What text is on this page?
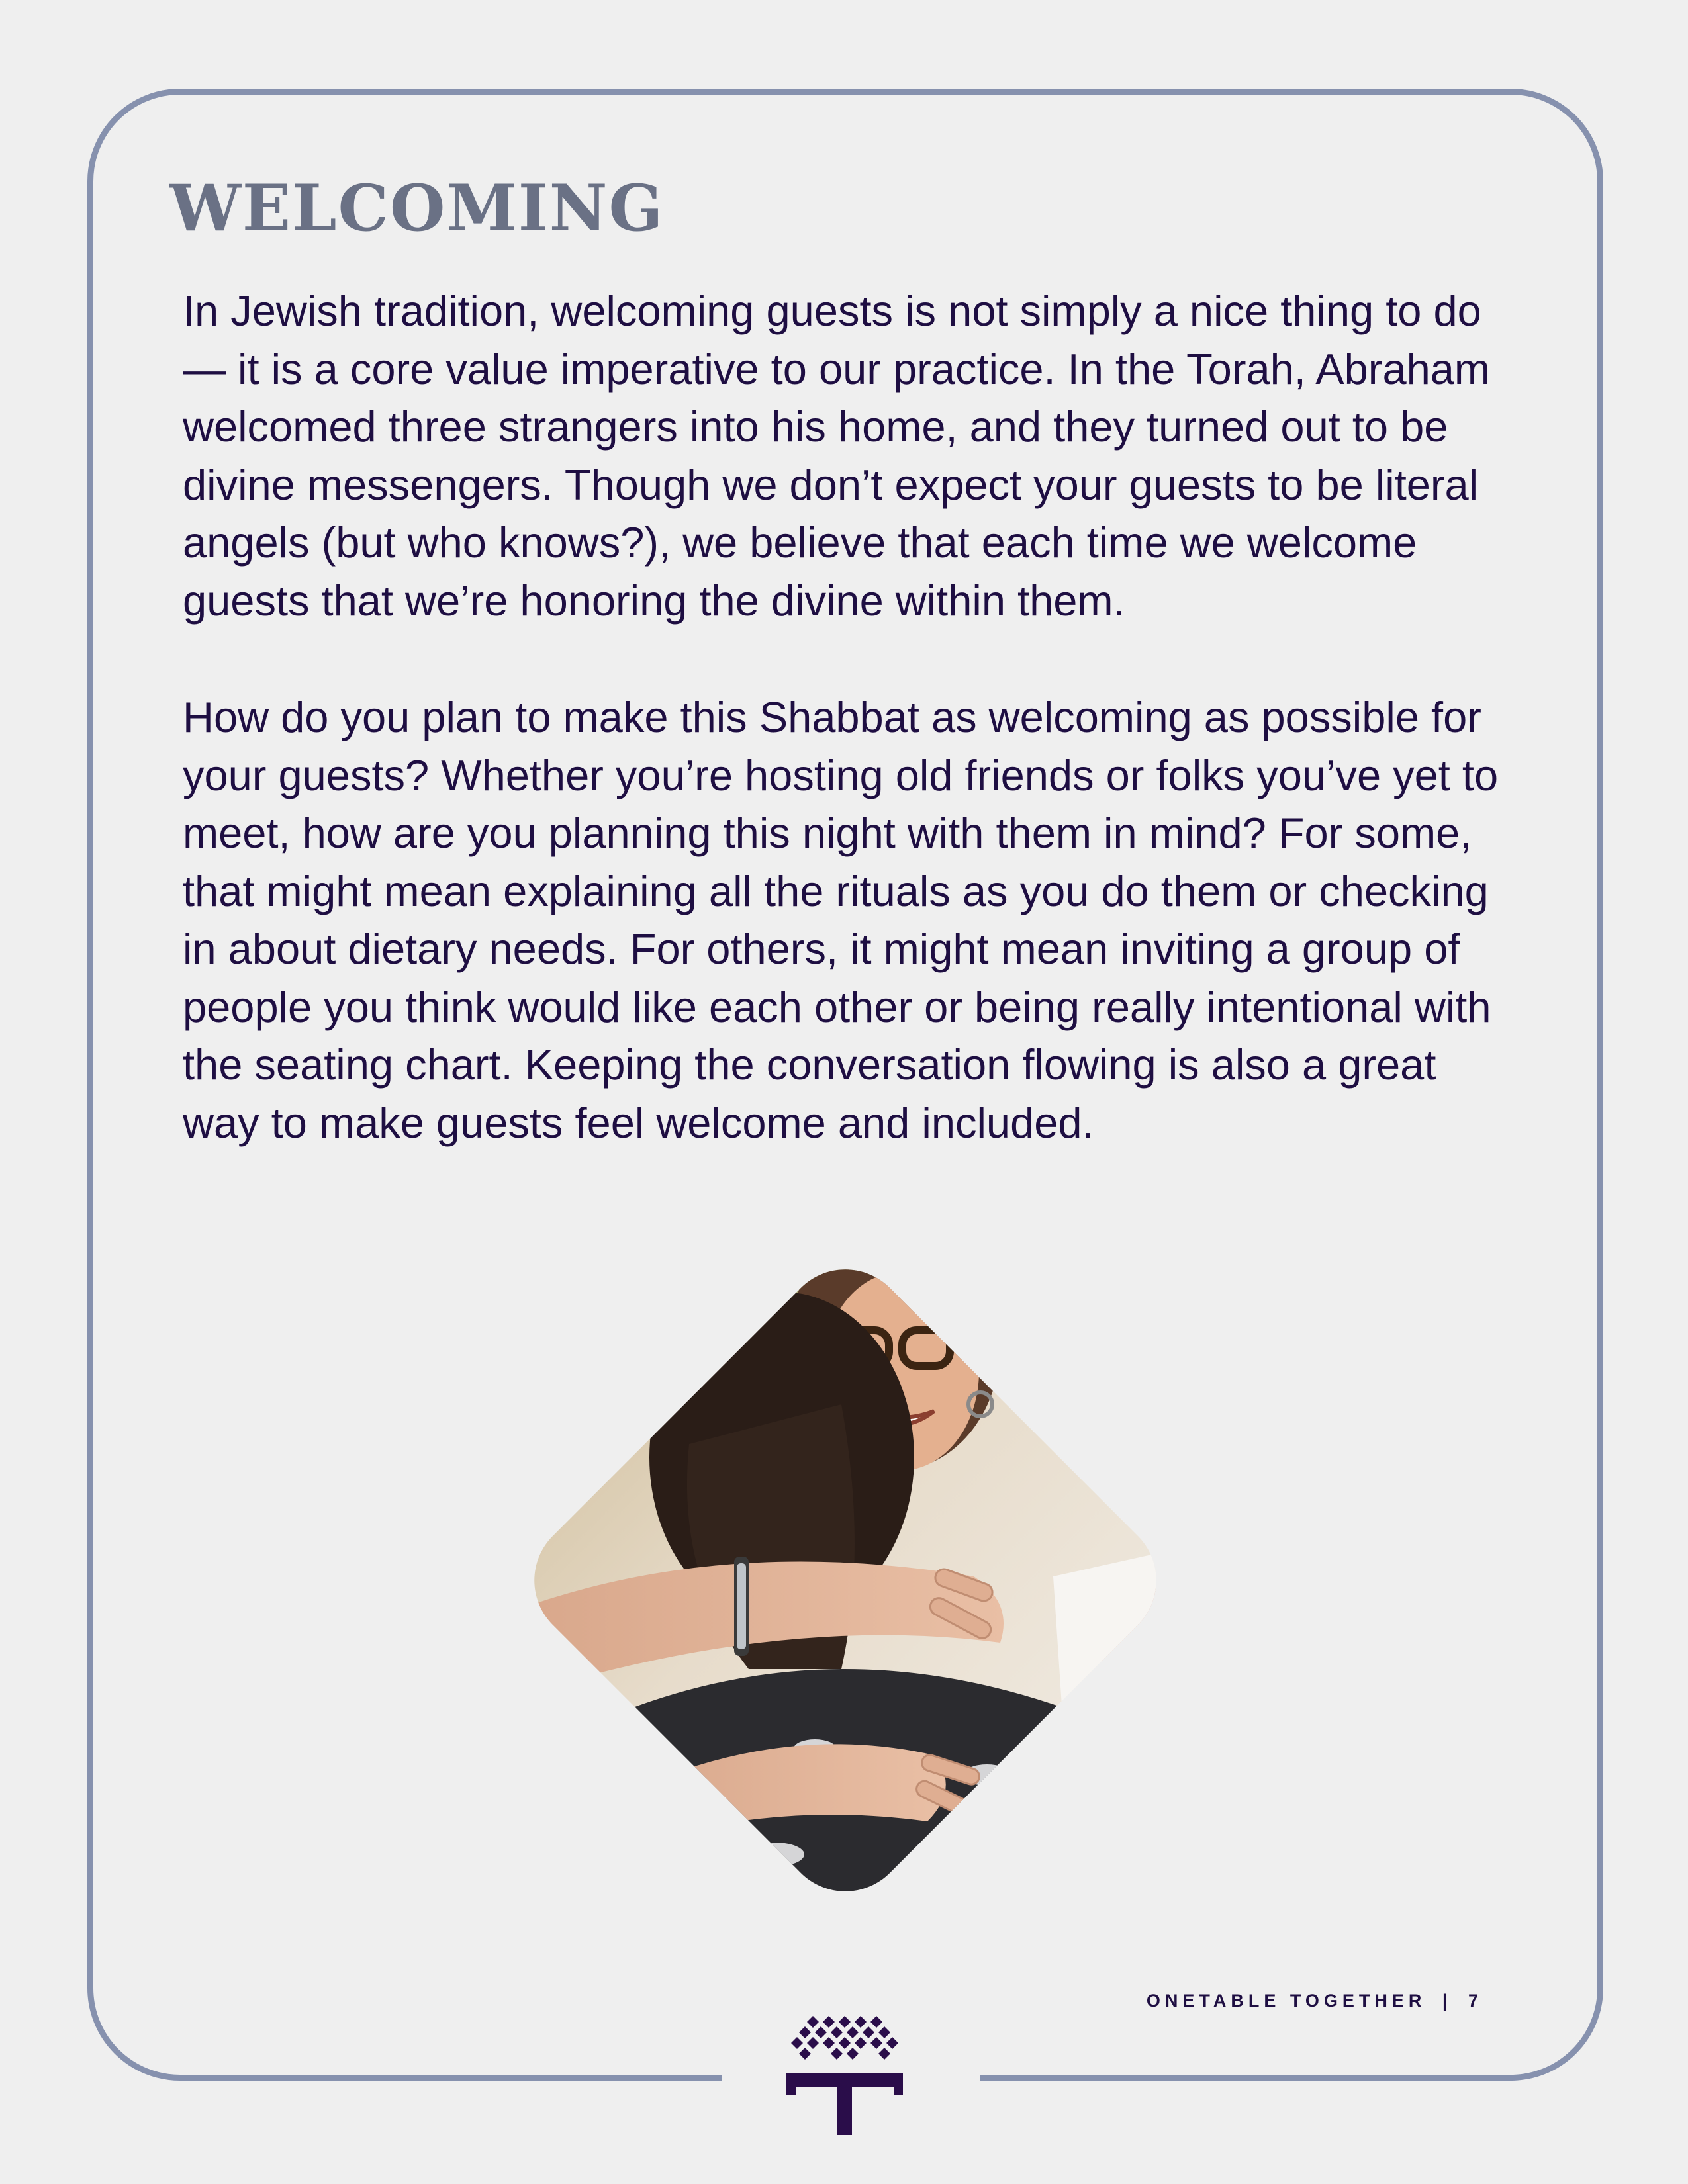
WELCOMING

In Jewish tradition, welcoming guests is not simply a nice thing to do— it is a core value imperative to our practice. In the Torah, Abraham welcomed three strangers into his home, and they turned out to be divine messengers. Though we don’t expect your guests to be literal angels (but who knows?), we believe that each time we welcome guests that we’re honoring the divine within them.

How do you plan to make this Shabbat as welcoming as possible for your guests? Whether you’re hosting old friends or folks you’ve yet to meet, how are you planning this night with them in mind? For some, that might mean explaining all the rituals as you do them or checking in about dietary needs. For others, it might mean inviting a group of people you think would like each other or being really intentional with the seating chart. Keeping the conversation flowing is also a great way to make guests feel welcome and included.

ONETABLE TOGETHER | 7
